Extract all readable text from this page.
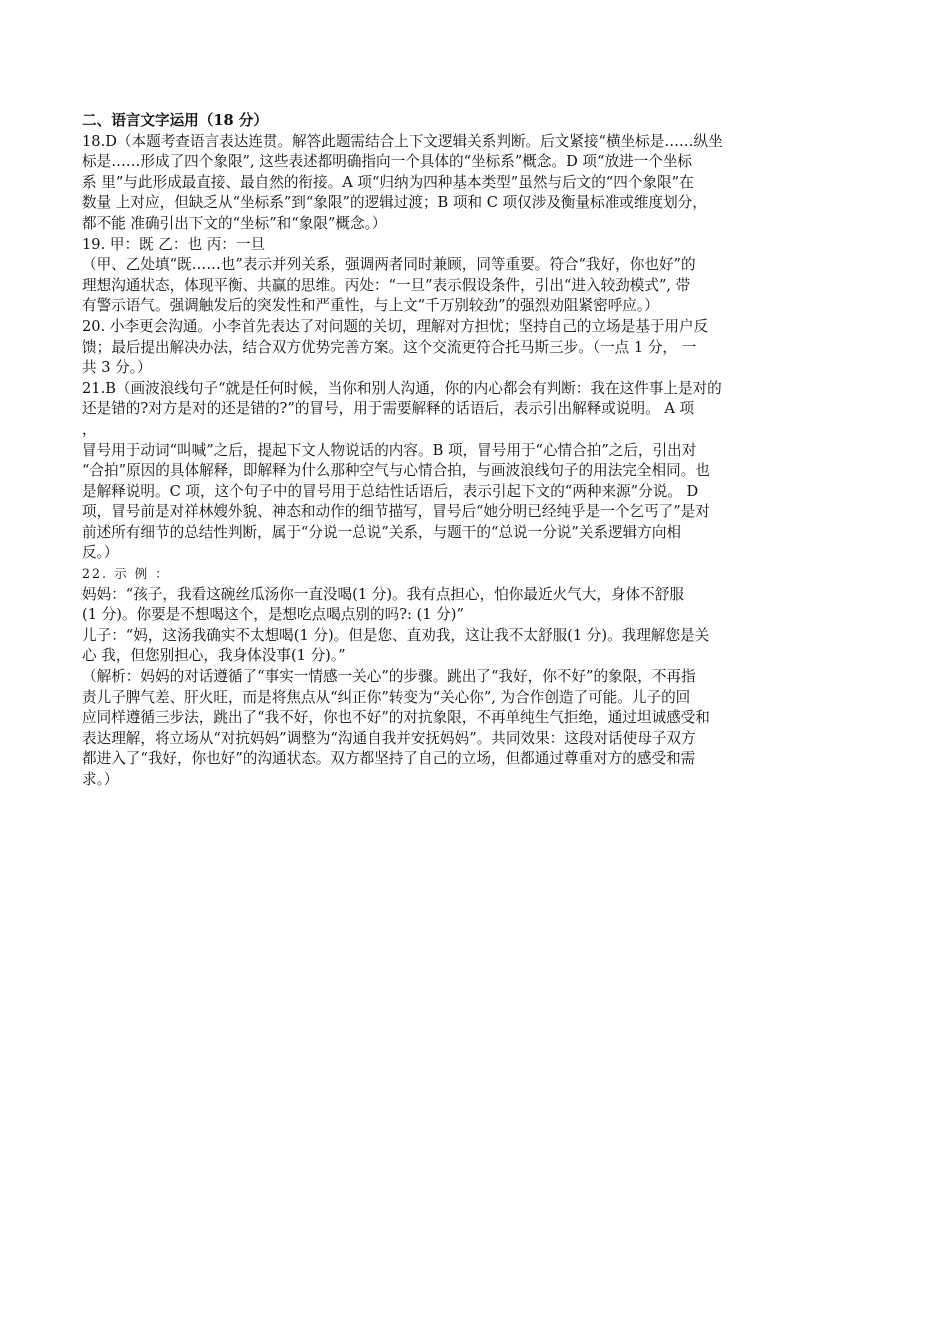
二、语言文字运用（18 分）

18.D（本题考查语言表达连贯。解答此题需结合上下文逻辑关系判断。后文紧接“横坐标是……纵坐

标是……形成了四个象限”, 这些表述都明确指向一个具体的“坐标系”概念。D 项“放进一个坐标

系 里”与此形成最直接、最自然的衔接。A 项“归纳为四种基本类型”虽然与后文的“四个象限”在

数量 上对应，但缺乏从“坐标系”到“象限”的逻辑过渡；B 项和 C 项仅涉及衡量标准或维度划分，

都不能 准确引出下文的“坐标”和“象限”概念。）

19. 甲：既 乙：也 丙：一旦

（甲、乙处填“既……也”表示并列关系，强调两者同时兼顾，同等重要。符合“我好，你也好”的

理想沟通状态，体现平衡、共赢的思维。丙处：“一旦”表示假设条件，引出“进入较劲模式”, 带

有警示语气。强调触发后的突发性和严重性，与上文“千万别较劲”的强烈劝阻紧密呼应。）

20. 小李更会沟通。小李首先表达了对问题的关切，理解对方担忧；坚持自己的立场是基于用户反

馈；最后提出解决办法，结合双方优势完善方案。这个交流更符合托马斯三步。（一点 1 分， 一

共 3 分。）

21.B（画波浪线句子“就是任何时候，当你和别人沟通，你的内心都会有判断：我在这件事上是对的

还是错的?对方是对的还是错的?”的冒号，用于需要解释的话语后，表示引出解释或说明。 A 项

，

冒号用于动词“叫喊”之后，提起下文人物说话的内容。B 项，冒号用于“心情合拍”之后，引出对

“合拍”原因的具体解释，即解释为什么那种空气与心情合拍，与画波浪线句子的用法完全相同。也

是解释说明。C 项，这个句子中的冒号用于总结性话语后，表示引起下文的“两种来源”分说。 D

项，冒号前是对祥林嫂外貌、神态和动作的细节描写，冒号后“她分明已经纯乎是一个乞丐了”是对

前述所有细节的总结性判断，属于“分说一总说”关系，与题干的“总说一分说”关系逻辑方向相

反。）

22. 示 例 ：

妈妈：“孩子，我看这碗丝瓜汤你一直没喝(1 分)。我有点担心，怕你最近火气大，身体不舒服

(1 分)。你要是不想喝这个，是想吃点喝点别的吗?: (1 分)”

儿子：“妈，这汤我确实不太想喝(1 分)。但是您、直劝我，这让我不太舒服(1 分)。我理解您是关

心 我，但您别担心，我身体没事(1 分)。”

（解析：妈妈的对话遵循了“事实一情感一关心”的步骤。跳出了“我好，你不好”的象限，不再指

责儿子脾气差、肝火旺，而是将焦点从“纠正你”转变为“关心你”, 为合作创造了可能。儿子的回

应同样遵循三步法，跳出了“我不好，你也不好”的对抗象限，不再单纯生气拒绝，通过坦诚感受和

表达理解，将立场从“对抗妈妈”调整为“沟通自我并安抚妈妈”。共同效果：这段对话使母子双方

都进入了“我好，你也好”的沟通状态。双方都坚持了自己的立场，但都通过尊重对方的感受和需

求。）
